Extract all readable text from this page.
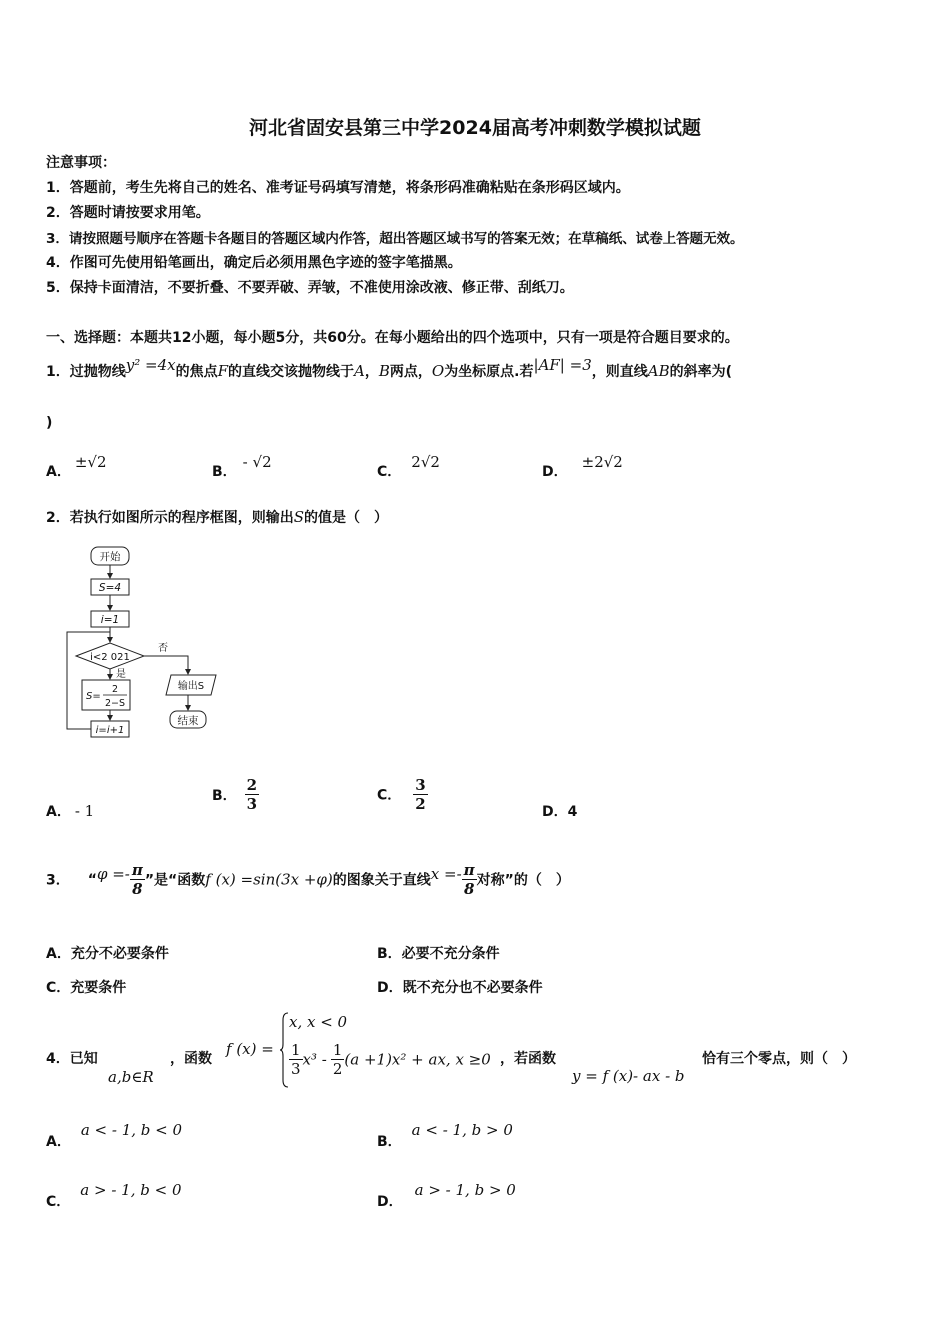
河北省固安县第三中学2024届高考冲刺数学模拟试题
注意事项：
1．答题前，考生先将自己的姓名、准考证号码填写清楚，将条形码准确粘贴在条形码区域内。
2．答题时请按要求用笔。
3．请按照题号顺序在答题卡各题目的答题区域内作答，超出答题区域书写的答案无效；在草稿纸、试卷上答题无效。
4．作图可先使用铅笔画出，确定后必须用黑色字迹的签字笔描黑。
5．保持卡面清洁，不要折叠、不要弄破、弄皱，不准使用涂改液、修正带、刮纸刀。
一、选择题：本题共12小题，每小题5分，共60分。在每小题给出的四个选项中，只有一项是符合题目要求的。
1．过抛物线y² =4x的焦点F的直线交该抛物线于A，B两点，O为坐标原点.若|AF| =3，则直线AB的斜率为(
)
A．±√2
B．- √2
C．2√2
D．±2√2
2．若执行如图所示的程序框图，则输出S的值是（　）
开始
S=4
i=1
i<2 021
是
否
S=
2
2−S
输出S
i=i+1
结束
A． - 1
B． $\frac{2}{3}$	C． $\frac{3}{2}$	D．4
3． “$\varphi =- \frac{\pi}{8}$ ”是“函数f (x) =sin(3x +φ)的图象关于直线$x =- \frac{\pi}{8}$ 对称”的（　）
A．充分不必要条件	B．必要不充分条件
C．充要条件	D．既不充分也不必要条件
4．已知
a,b∈R
，函数
f (x) =
x, x < 0
$\frac{1}{3} x^3 - \frac{1}{2} (a +1)x^2$ + ax, x ≥0 ，若函数
y = f (x)- ax - b
恰有三个零点，则（　）
A．a < - 1, b < 0
B．a < - 1, b > 0
C．a > - 1, b < 0
D．a > - 1, b > 0
